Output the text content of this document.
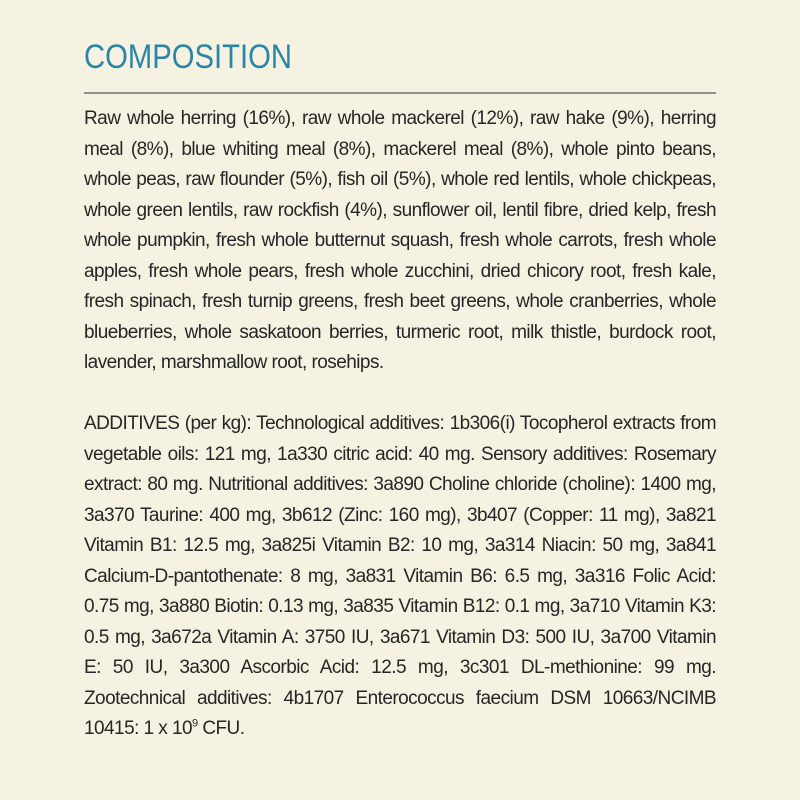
COMPOSITION

Raw whole herring (16%), raw whole mackerel (12%), raw hake (9%), herring meal (8%), blue whiting meal (8%), mackerel meal (8%), whole pinto beans, whole peas, raw flounder (5%), fish oil (5%), whole red lentils, whole chickpeas, whole green lentils, raw rockfish (4%), sunflower oil, lentil fibre, dried kelp, fresh whole pumpkin, fresh whole butternut squash, fresh whole carrots, fresh whole apples, fresh whole pears, fresh whole zucchini, dried chicory root, fresh kale, fresh spinach, fresh turnip greens, fresh beet greens, whole cranberries, whole blueberries, whole saskatoon berries, turmeric root, milk thistle, burdock root, lavender, marshmallow root, rosehips.

ADDITIVES (per kg): Technological additives: 1b306(i) Tocopherol extracts from vegetable oils: 121 mg, 1a330 citric acid: 40 mg. Sensory additives: Rosemary extract: 80 mg. Nutritional additives: 3a890 Choline chloride (choline): 1400 mg, 3a370 Taurine: 400 mg, 3b612 (Zinc: 160 mg), 3b407 (Copper: 11 mg), 3a821 Vitamin B1: 12.5 mg, 3a825i Vitamin B2: 10 mg, 3a314 Niacin: 50 mg, 3a841 Calcium-D-pantothenate: 8 mg, 3a831 Vitamin B6: 6.5 mg, 3a316 Folic Acid: 0.75 mg, 3a880 Biotin: 0.13 mg, 3a835 Vitamin B12: 0.1 mg, 3a710 Vitamin K3: 0.5 mg, 3a672a Vitamin A: 3750 IU, 3a671 Vitamin D3: 500 IU, 3a700 Vitamin E: 50 IU, 3a300 Ascorbic Acid: 12.5 mg, 3c301 DL-methionine: 99 mg. Zootechnical additives: 4b1707 Enterococcus faecium DSM 10663/NCIMB 10415: 1 x $10^9$ CFU.
